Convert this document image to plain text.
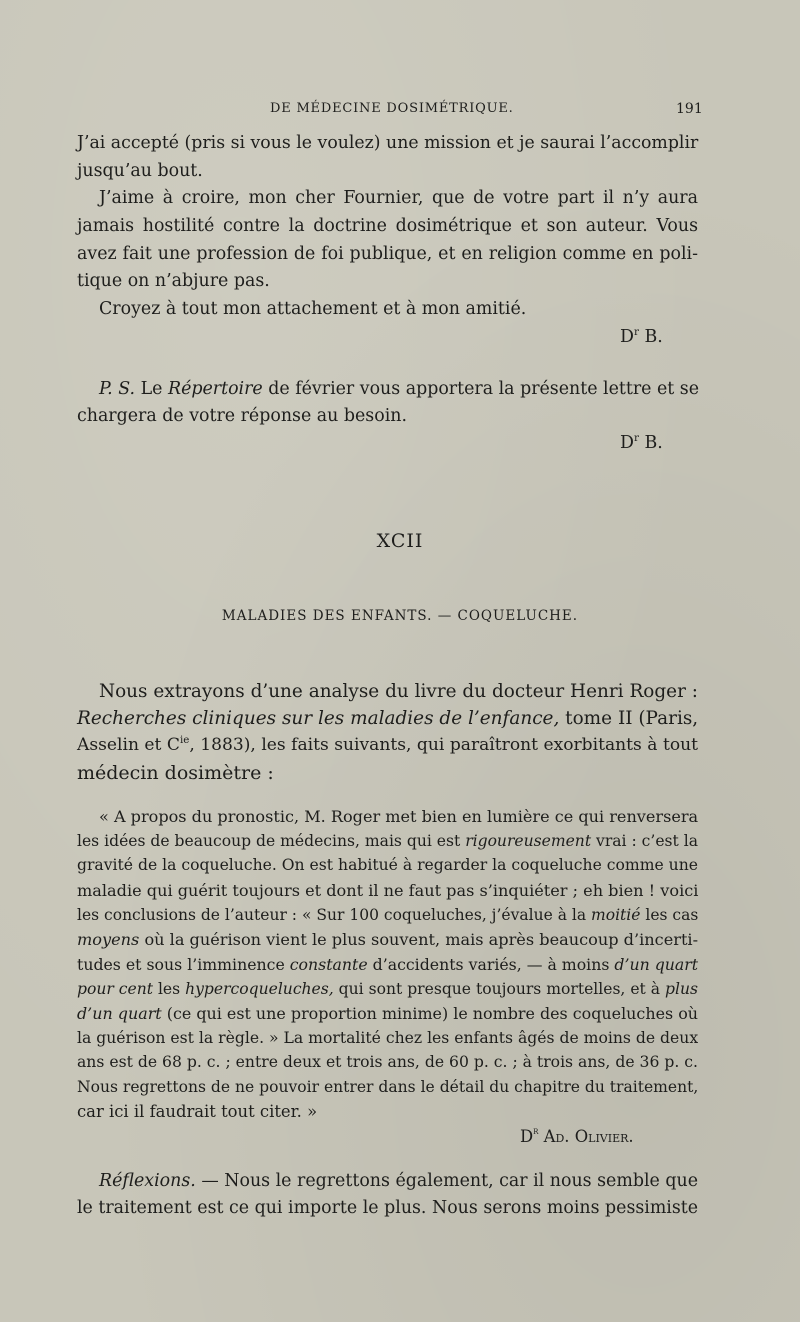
DE MÉDECINE DOSIMÉTRIQUE.	191
J’ai accepté (pris si vous le voulez) une mission et je saurai l’accomplir
jusqu’au bout.
J’aime à croire, mon cher Fournier, que de votre part il n’y aura
jamais hostilité contre la doctrine dosimétrique et son auteur. Vous
avez fait une profession de foi publique, et en religion comme en poli-
tique on n’abjure pas.
Croyez à tout mon attachement et à mon amitié.
$D^r$ B.
P. S. Le Répertoire de février vous apportera la présente lettre et se
chargera de votre réponse au besoin.
$D^r$ B.
XCII
MALADIES DES ENFANTS. — COQUELUCHE.
Nous extrayons d’une analyse du livre du docteur Henri Roger :
Recherches cliniques sur les maladies de l’enfance, tome II (Paris,
Asselin et $C^{ie}$, 1883), les faits suivants, qui paraîtront exorbitants à tout
médecin dosimètre :
« A propos du pronostic, M. Roger met bien en lumière ce qui renversera
les idées de beaucoup de médecins, mais qui est rigoureusement vrai : c’est la
gravité de la coqueluche. On est habitué à regarder la coqueluche comme une
maladie qui guérit toujours et dont il ne faut pas s’inquiéter ; eh bien ! voici
les conclusions de l’auteur : « Sur 100 coqueluches, j’évalue à la moitié les cas
moyens où la guérison vient le plus souvent, mais après beaucoup d’incerti-
tudes et sous l’imminence constante d’accidents variés, — à moins d’un quart
pour cent les hypercoqueluches, qui sont presque toujours mortelles, et à plus
d’un quart (ce qui est une proportion minime) le nombre des coqueluches où
la guérison est la règle. » La mortalité chez les enfants âgés de moins de deux
ans est de 68 p. c. ; entre deux et trois ans, de 60 p. c. ; à trois ans, de 36 p. c.
Nous regrettons de ne pouvoir entrer dans le détail du chapitre du traitement,
car ici il faudrait tout citer. »
$D^r$ Ad. Olivier.
Réflexions. — Nous le regrettons également, car il nous semble que
le traitement est ce qui importe le plus. Nous serons moins pessimiste
